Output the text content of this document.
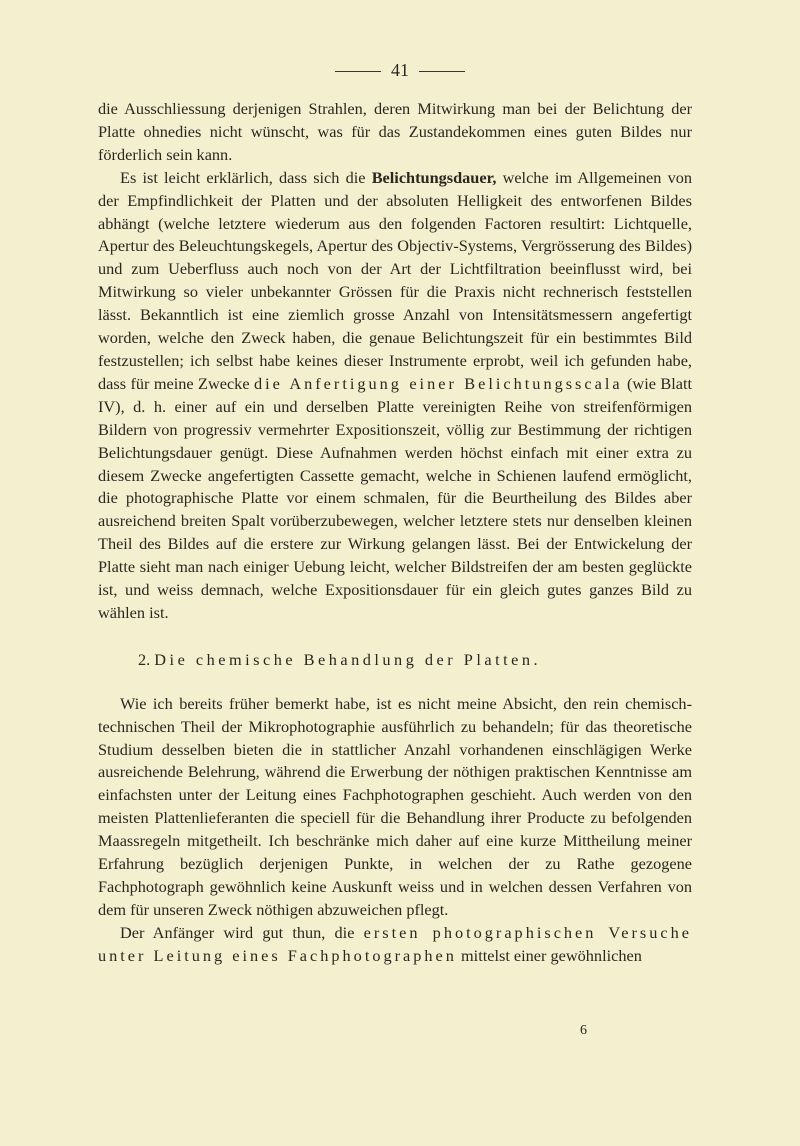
41

die Ausschliessung derjenigen Strahlen, deren Mitwirkung man bei der Belichtung der Platte ohnedies nicht wünscht, was für das Zustandekommen eines guten Bildes nur förderlich sein kann.

Es ist leicht erklärlich, dass sich die Belichtungsdauer, welche im Allgemeinen von der Empfindlichkeit der Platten und der absoluten Helligkeit des entworfenen Bildes abhängt (welche letztere wiederum aus den folgenden Factoren resultirt: Lichtquelle, Apertur des Beleuchtungskegels, Apertur des Objectiv-Systems, Vergrösserung des Bildes) und zum Ueberfluss auch noch von der Art der Lichtfiltration beeinflusst wird, bei Mitwirkung so vieler unbekannter Grössen für die Praxis nicht rechnerisch feststellen lässt. Bekanntlich ist eine ziemlich grosse Anzahl von Intensitätsmessern angefertigt worden, welche den Zweck haben, die genaue Belichtungszeit für ein bestimmtes Bild festzustellen; ich selbst habe keines dieser Instrumente erprobt, weil ich gefunden habe, dass für meine Zwecke die Anfertigung einer Belichtungsscala (wie Blatt IV), d. h. einer auf ein und derselben Platte vereinigten Reihe von streifenförmigen Bildern von progressiv vermehrter Expositionszeit, völlig zur Bestimmung der richtigen Belichtungsdauer genügt. Diese Aufnahmen werden höchst einfach mit einer extra zu diesem Zwecke angefertigten Cassette gemacht, welche in Schienen laufend ermöglicht, die photographische Platte vor einem schmalen, für die Beurtheilung des Bildes aber ausreichend breiten Spalt vorüberzubewegen, welcher letztere stets nur denselben kleinen Theil des Bildes auf die erstere zur Wirkung gelangen lässt. Bei der Entwickelung der Platte sieht man nach einiger Uebung leicht, welcher Bildstreifen der am besten geglückte ist, und weiss demnach, welche Expositionsdauer für ein gleich gutes ganzes Bild zu wählen ist.

2. Die chemische Behandlung der Platten.

Wie ich bereits früher bemerkt habe, ist es nicht meine Absicht, den rein chemisch-technischen Theil der Mikrophotographie ausführlich zu behandeln; für das theoretische Studium desselben bieten die in stattlicher Anzahl vorhandenen einschlägigen Werke ausreichende Belehrung, während die Erwerbung der nöthigen praktischen Kenntnisse am einfachsten unter der Leitung eines Fachphotographen geschieht. Auch werden von den meisten Plattenlieferanten die speciell für die Behandlung ihrer Producte zu befolgenden Maassregeln mitgetheilt. Ich beschränke mich daher auf eine kurze Mittheilung meiner Erfahrung bezüglich derjenigen Punkte, in welchen der zu Rathe gezogene Fachphotograph gewöhnlich keine Auskunft weiss und in welchen dessen Verfahren von dem für unseren Zweck nöthigen abzuweichen pflegt.

Der Anfänger wird gut thun, die ersten photographischen Versuche unter Leitung eines Fachphotographen mittelst einer gewöhnlichen

6
